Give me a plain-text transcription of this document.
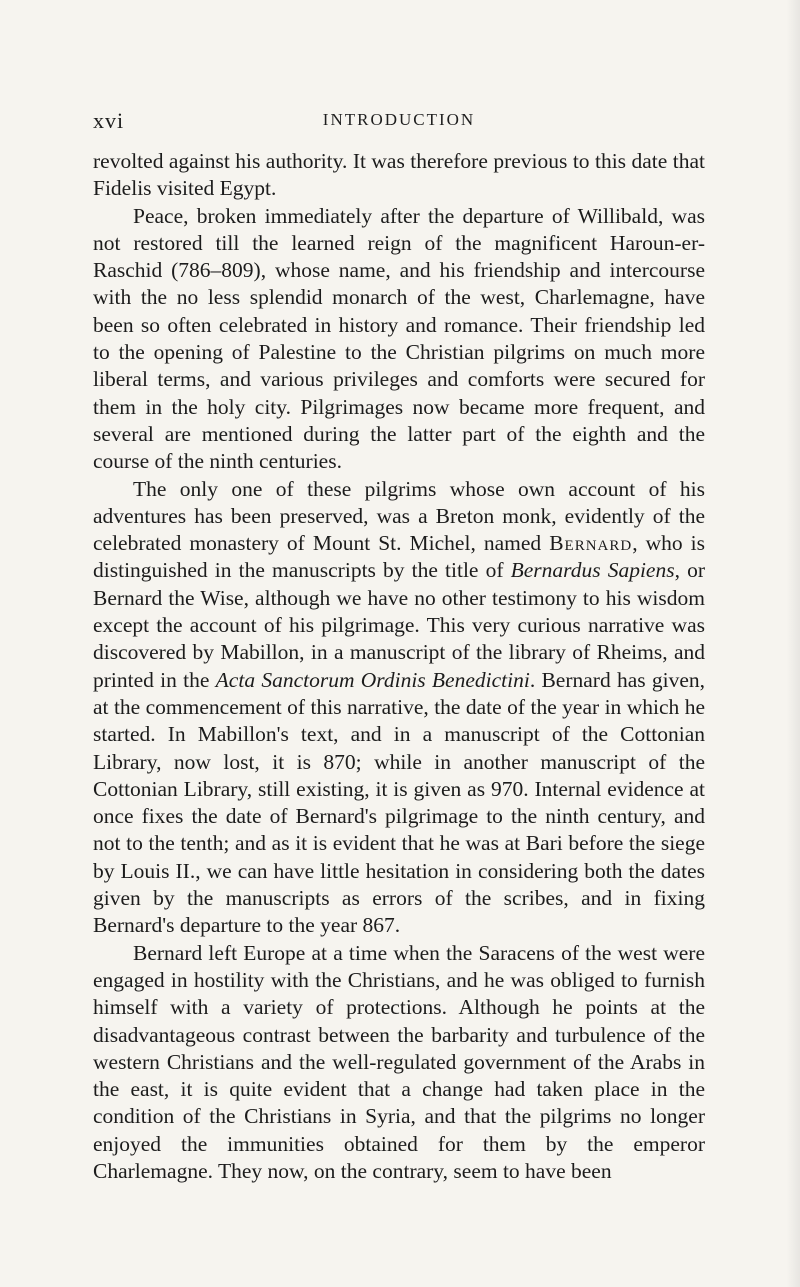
xvi	INTRODUCTION

revolted against his authority. It was therefore previous to this date that Fidelis visited Egypt.

Peace, broken immediately after the departure of Willibald, was not restored till the learned reign of the magnificent Haroun-er-Raschid (786–809), whose name, and his friendship and intercourse with the no less splendid monarch of the west, Charlemagne, have been so often celebrated in history and romance. Their friendship led to the opening of Palestine to the Christian pilgrims on much more liberal terms, and various privileges and comforts were secured for them in the holy city. Pilgrimages now became more frequent, and several are mentioned during the latter part of the eighth and the course of the ninth centuries.

The only one of these pilgrims whose own account of his adventures has been preserved, was a Breton monk, evidently of the celebrated monastery of Mount St. Michel, named Bernard, who is distinguished in the manuscripts by the title of Bernardus Sapiens, or Bernard the Wise, although we have no other testimony to his wisdom except the account of his pilgrimage. This very curious narrative was discovered by Mabillon, in a manuscript of the library of Rheims, and printed in the Acta Sanctorum Ordinis Benedictini. Bernard has given, at the commencement of this narrative, the date of the year in which he started. In Mabillon's text, and in a manuscript of the Cottonian Library, now lost, it is 870; while in another manuscript of the Cottonian Library, still existing, it is given as 970. Internal evidence at once fixes the date of Bernard's pilgrimage to the ninth century, and not to the tenth; and as it is evident that he was at Bari before the siege by Louis II., we can have little hesitation in considering both the dates given by the manuscripts as errors of the scribes, and in fixing Bernard's departure to the year 867.

Bernard left Europe at a time when the Saracens of the west were engaged in hostility with the Christians, and he was obliged to furnish himself with a variety of protections. Although he points at the disadvantageous contrast between the barbarity and turbulence of the western Christians and the well-regulated government of the Arabs in the east, it is quite evident that a change had taken place in the condition of the Christians in Syria, and that the pilgrims no longer enjoyed the immunities obtained for them by the emperor Charlemagne. They now, on the contrary, seem to have been
